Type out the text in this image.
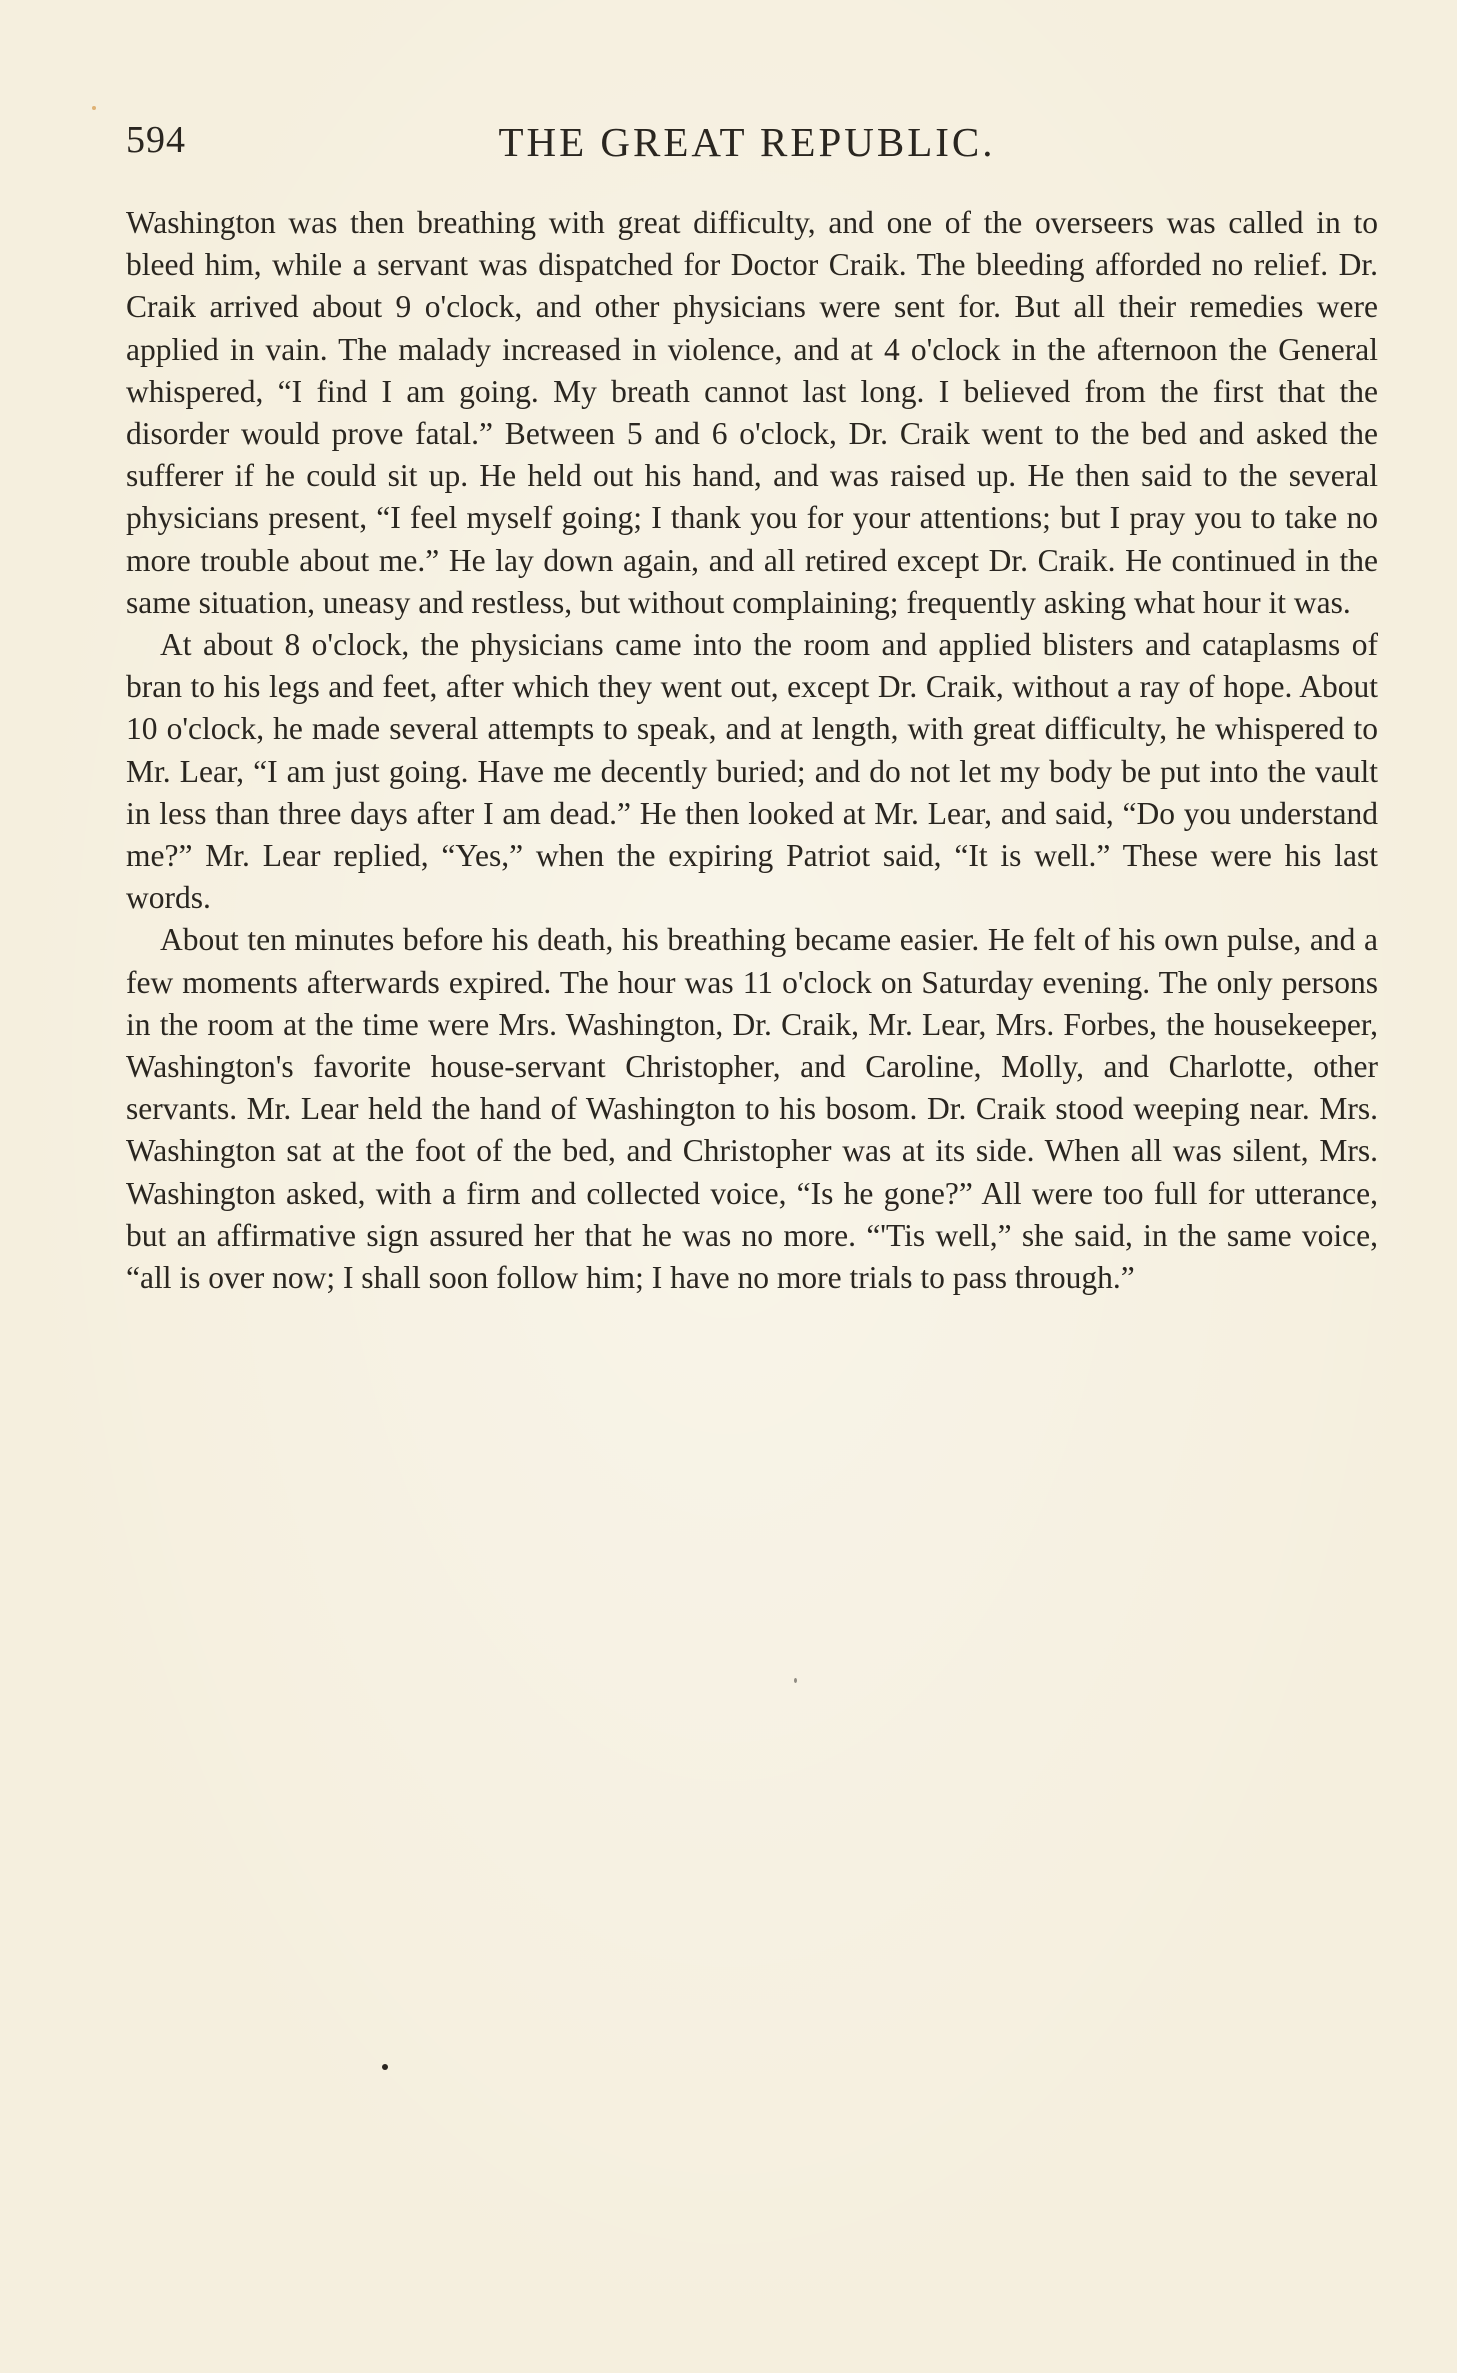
594	THE GREAT REPUBLIC.

Washington was then breathing with great difficulty, and one of the overseers was called in to bleed him, while a servant was dispatched for Doctor Craik. The bleeding afforded no relief. Dr. Craik arrived about 9 o'clock, and other physicians were sent for. But all their remedies were applied in vain. The malady increased in violence, and at 4 o'clock in the afternoon the General whispered, “I find I am going. My breath cannot last long. I believed from the first that the disorder would prove fatal.” Between 5 and 6 o'clock, Dr. Craik went to the bed and asked the sufferer if he could sit up. He held out his hand, and was raised up. He then said to the several physicians present, “I feel myself going; I thank you for your attentions; but I pray you to take no more trouble about me.” He lay down again, and all retired except Dr. Craik. He continued in the same situation, uneasy and restless, but without complaining; frequently asking what hour it was.

At about 8 o'clock, the physicians came into the room and applied blisters and cataplasms of bran to his legs and feet, after which they went out, except Dr. Craik, without a ray of hope. About 10 o'clock, he made several attempts to speak, and at length, with great difficulty, he whispered to Mr. Lear, “I am just going. Have me decently buried; and do not let my body be put into the vault in less than three days after I am dead.” He then looked at Mr. Lear, and said, “Do you understand me?” Mr. Lear replied, “Yes,” when the expiring Patriot said, “It is well.” These were his last words.

About ten minutes before his death, his breathing became easier. He felt of his own pulse, and a few moments afterwards expired. The hour was 11 o'clock on Saturday evening. The only persons in the room at the time were Mrs. Washington, Dr. Craik, Mr. Lear, Mrs. Forbes, the housekeeper, Washington's favorite house-servant Christopher, and Caroline, Molly, and Charlotte, other servants. Mr. Lear held the hand of Washington to his bosom. Dr. Craik stood weeping near. Mrs. Washington sat at the foot of the bed, and Christopher was at its side. When all was silent, Mrs. Washington asked, with a firm and collected voice, “Is he gone?” All were too full for utterance, but an affirmative sign assured her that he was no more. “'Tis well,” she said, in the same voice, “all is over now; I shall soon follow him; I have no more trials to pass through.”
